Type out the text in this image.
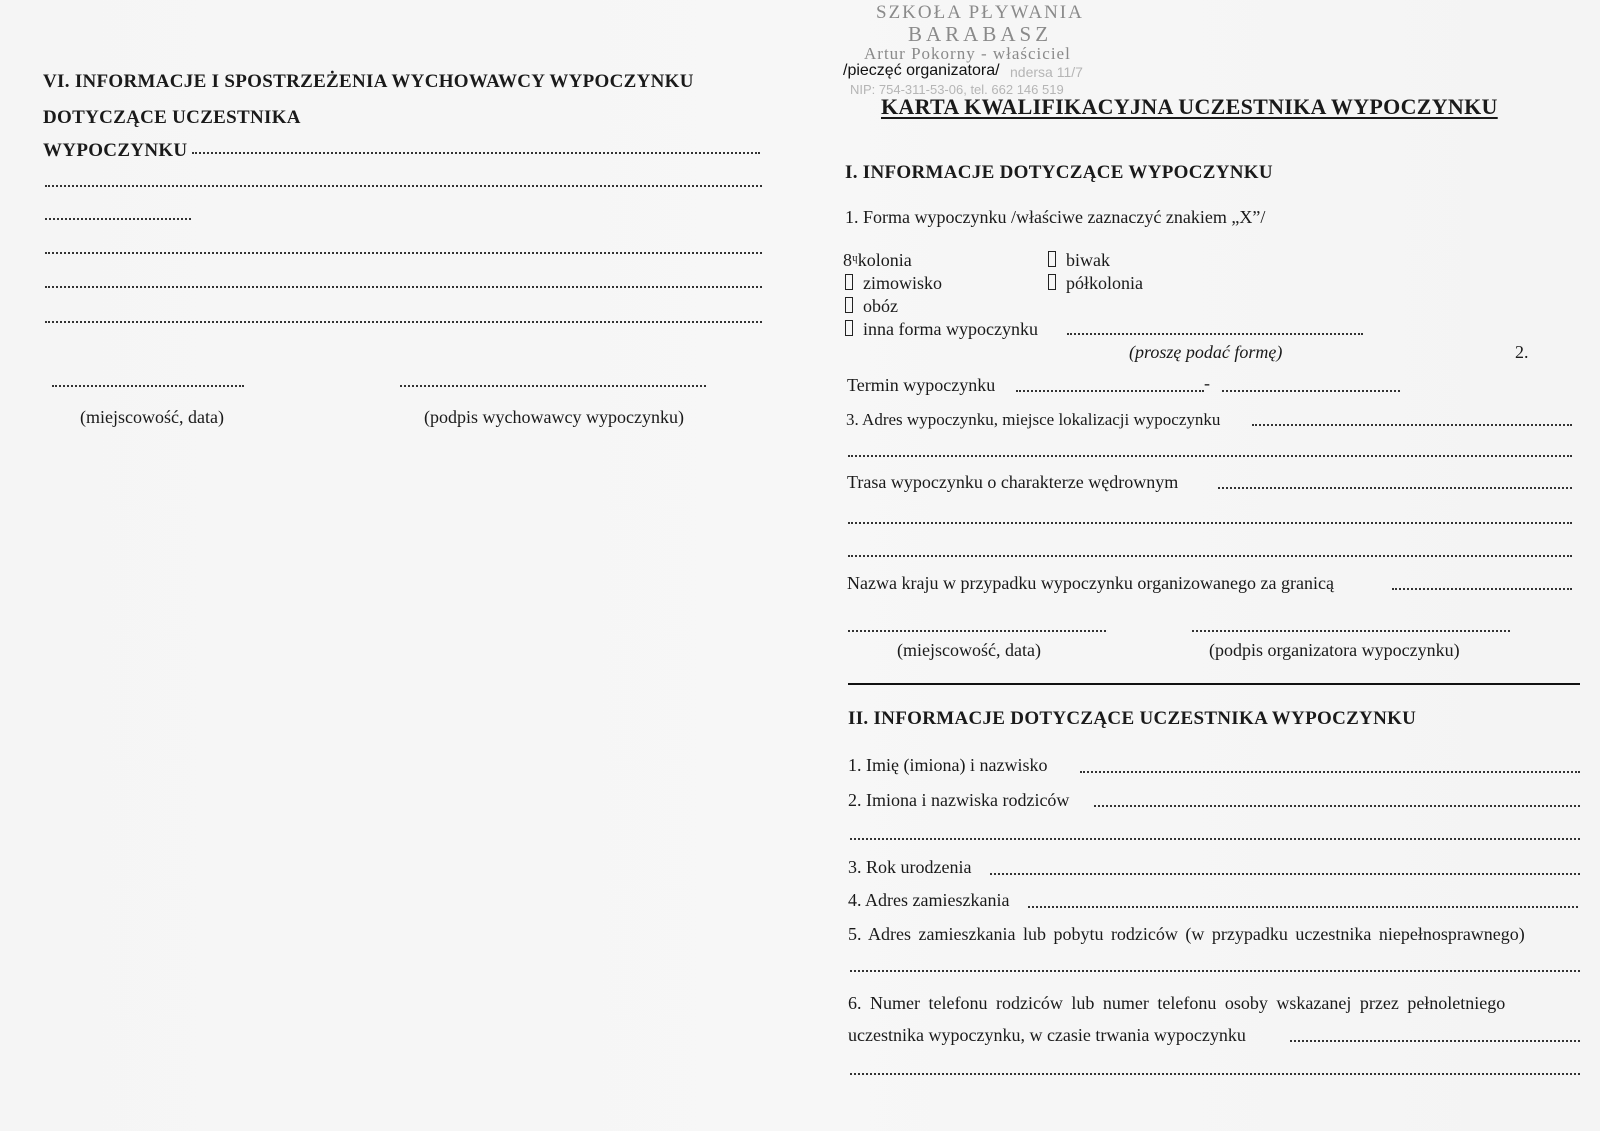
VI. INFORMACJE I SPOSTRZEŻENIA WYCHOWAWCY WYPOCZYNKU
DOTYCZĄCE UCZESTNIKA
WYPOCZYNKU
(miejscowość, data)	(podpis wychowawcy wypoczynku)
SZKOŁA PŁYWANIA
BARABASZ
Artur Pokorny - właściciel
ndersa 11/7
NIP: 754-311-53-06, tel. 662 146 519
/pieczęć organizatora/
KARTA KWALIFIKACYJNA UCZESTNIKA WYPOCZYNKU
I. INFORMACJE DOTYCZĄCE WYPOCZYNKU
1. Forma wypoczynku /właściwe zaznaczyć znakiem „X”/
8ᶣkolonia	biwak
zimowisko	półkolonia
obóz
inna forma wypoczynku
(proszę podać formę)	2.
Termin wypoczynku	-
3. Adres wypoczynku, miejsce lokalizacji wypoczynku
Trasa wypoczynku o charakterze wędrownym
Nazwa kraju w przypadku wypoczynku organizowanego za granicą
(miejscowość, data)	(podpis organizatora wypoczynku)
II. INFORMACJE DOTYCZĄCE UCZESTNIKA WYPOCZYNKU
1. Imię (imiona) i nazwisko
2. Imiona i nazwiska rodziców
3. Rok urodzenia
4. Adres zamieszkania
5. Adres zamieszkania lub pobytu rodziców (w przypadku uczestnika niepełnosprawnego)
6. Numer telefonu rodziców lub numer telefonu osoby wskazanej przez pełnoletniego
uczestnika wypoczynku, w czasie trwania wypoczynku
